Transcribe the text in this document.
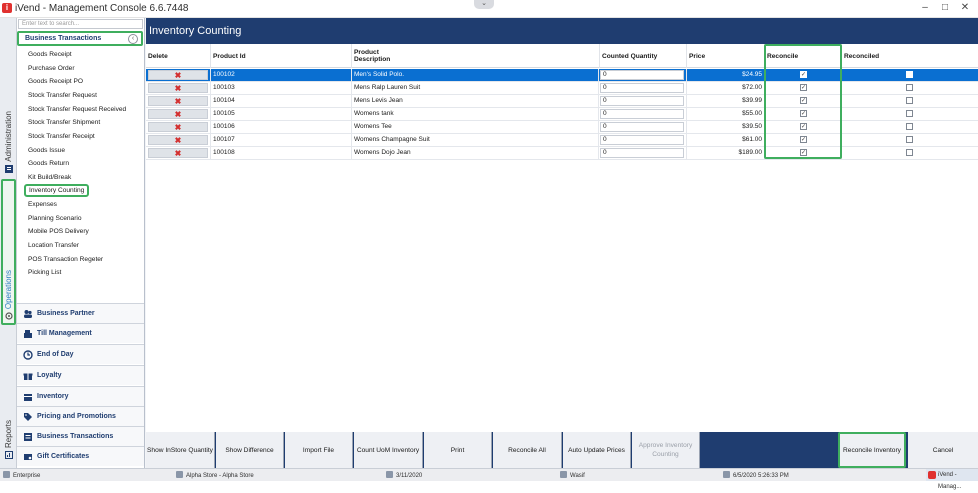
i iVend - Management Console 6.6.7448	⌄	–	□	✕
Administration
Operations
Reports
Enter text to search...
Business Transactions	‹
Goods Receipt
Purchase Order
Goods Receipt PO
Stock Transfer Request
Stock Transfer Request Received
Stock Transfer Shipment
Stock Transfer Receipt
Goods Issue
Goods Return
Kit Build/Break
Inventory Counting
Expenses
Planning Scenario
Mobile POS Delivery
Location Transfer
POS Transaction Regeter
Picking List
Business Partner
Till Management
End of Day
Loyalty
Inventory
Pricing and Promotions
Business Transactions
Gift Certificates
Inventory Counting
Delete	Product Id	Product Description	Counted Quantity	Price	Reconcile	Reconciled
✖	100102	Men's Solid Polo.	0	$24.95	✓
✖	100103	Mens Ralp Lauren Suit	0	$72.00	✓
✖	100104	Mens Levis Jean	0	$39.99	✓
✖	100105	Womens tank	0	$55.00	✓
✖	100106	Womens Tee	0	$39.50	✓
✖	100107	Womens Champagne Suit	0	$61.00	✓
✖	100108	Womens Dojo Jean	0	$189.00	✓
Show InStore Quantity	Show Difference	Import File	Count UoM Inventory	Print	Reconcile All	Auto Update Prices
Approve Inventory Counting
Reconcile Inventory	Cancel
Enterprise	Alpha Store - Alpha Store	3/11/2020	Wasif	6/5/2020 5:26:33 PM	iVend - Manag...
